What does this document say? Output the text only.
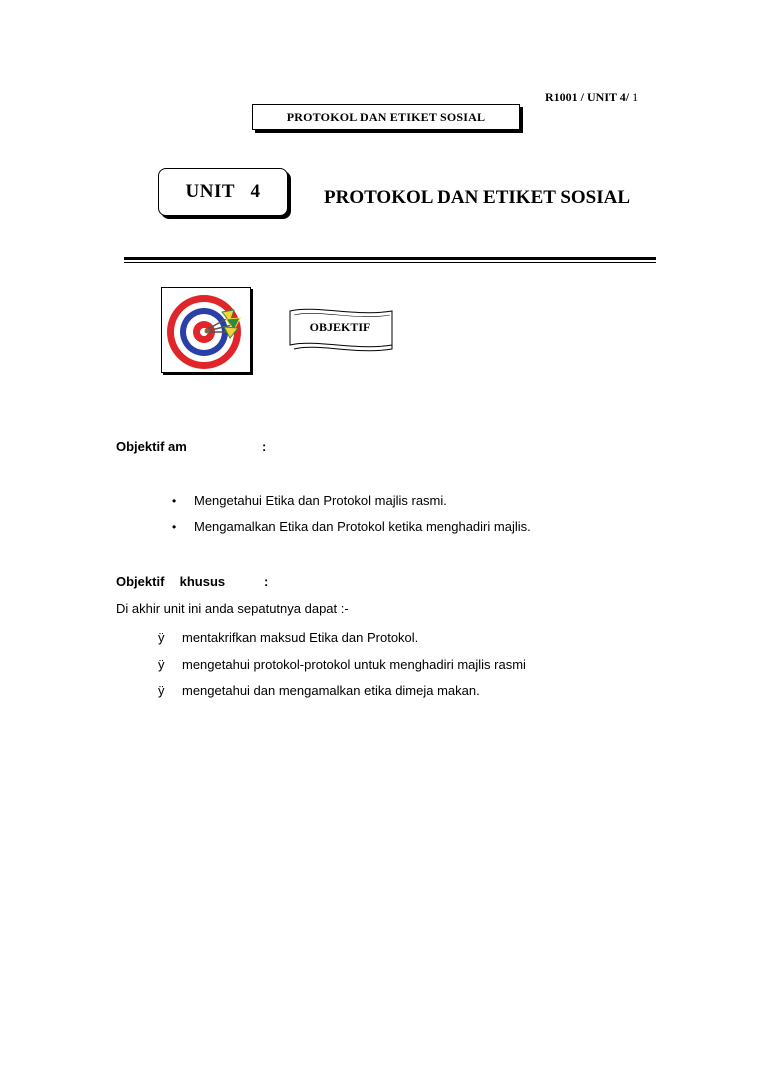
R1001 / UNIT 4/ 1
PROTOKOL DAN ETIKET SOSIAL
UNIT   4	PROTOKOL DAN ETIKET SOSIAL
OBJEKTIF
Objektif am	:
•	Mengetahui Etika dan Protokol majlis rasmi.
•	Mengamalkan Etika dan Protokol ketika menghadiri majlis.
Objektif  khusus	:
Di akhir unit ini anda sepatutnya dapat :-
ÿ	mentakrifkan maksud Etika dan Protokol.
ÿ	mengetahui protokol-protokol untuk menghadiri majlis rasmi
ÿ	mengetahui dan mengamalkan etika dimeja makan.
